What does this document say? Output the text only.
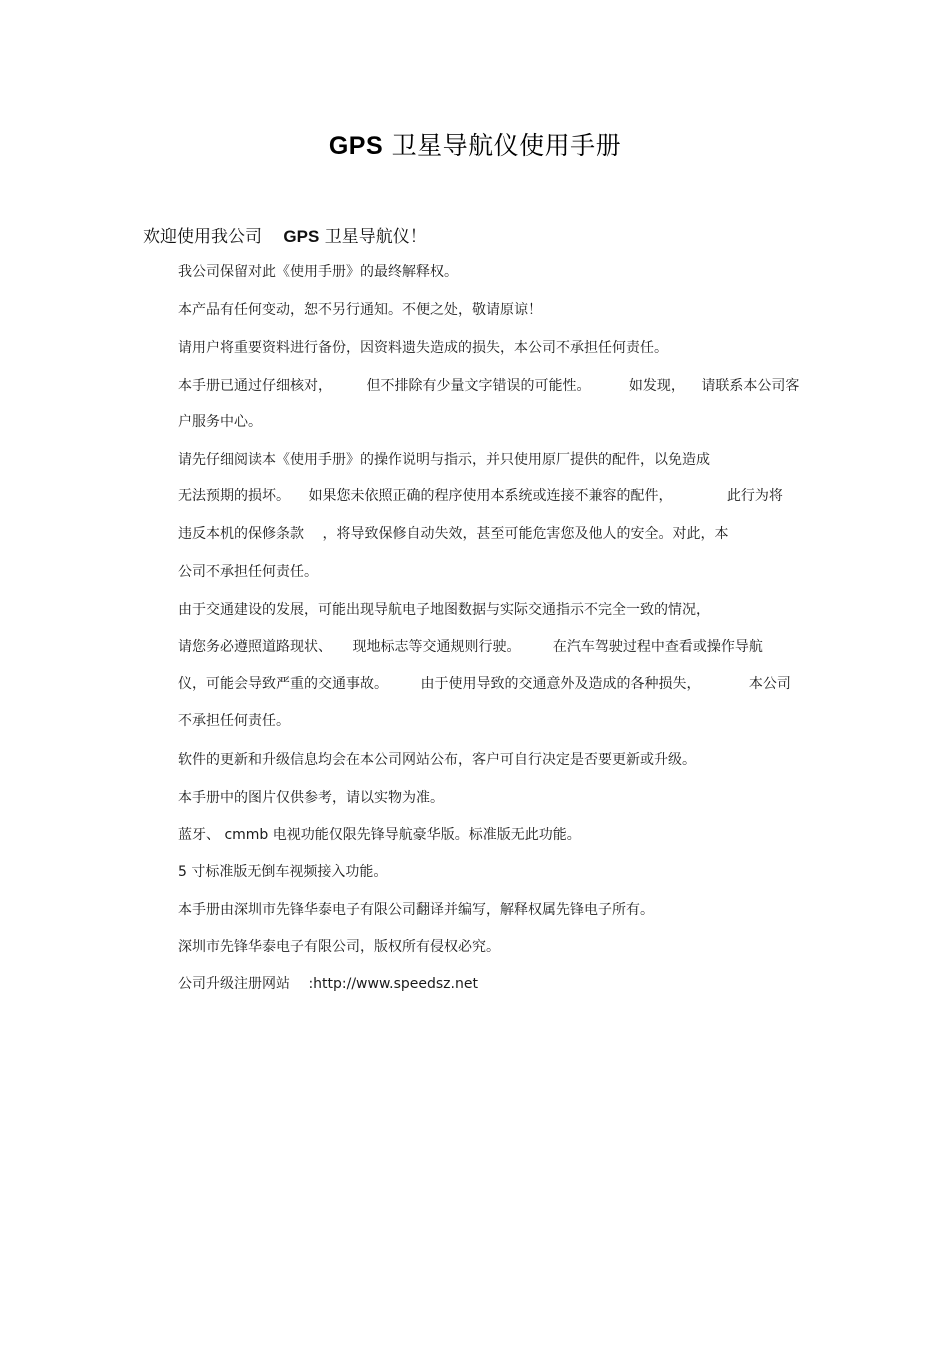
GPS 卫星导航仪使用手册
欢迎使用我公司 GPS 卫星导航仪！
我公司保留对此《使用手册》的最终解释权。
本产品有任何变动，恕不另行通知。不便之处，敬请原谅！
请用户将重要资料进行备份，因资料遗失造成的损失，本公司不承担任何责任。
本手册已通过仔细核对， 但不排除有少量文字错误的可能性。	如发现， 请联系本公司客
户服务中心。
请先仔细阅读本《使用手册》的操作说明与指示，并只使用原厂提供的配件，以免造成
无法预期的损坏。 如果您未依照正确的程序使用本系统或连接不兼容的配件，	此行为将
违反本机的保修条款 ，将导致保修自动失效，甚至可能危害您及他人的安全。对此，本
公司不承担任何责任。
由于交通建设的发展，可能出现导航电子地图数据与实际交通指示不完全一致的情况，
请您务必遵照道路现状、 现地标志等交通规则行驶。 在汽车驾驶过程中查看或操作导航
仪，可能会导致严重的交通事故。 由于使用导致的交通意外及造成的各种损失，	本公司
不承担任何责任。
软件的更新和升级信息均会在本公司网站公布，客户可自行决定是否要更新或升级。
本手册中的图片仅供参考，请以实物为准。
蓝牙、 cmmb 电视功能仅限先锋导航豪华版。标准版无此功能。
5 寸标准版无倒车视频接入功能。
本手册由深圳市先锋华泰电子有限公司翻译并编写，解释权属先锋电子所有。
深圳市先锋华泰电子有限公司，版权所有侵权必究。
公司升级注册网站 :http://www.speedsz.net
